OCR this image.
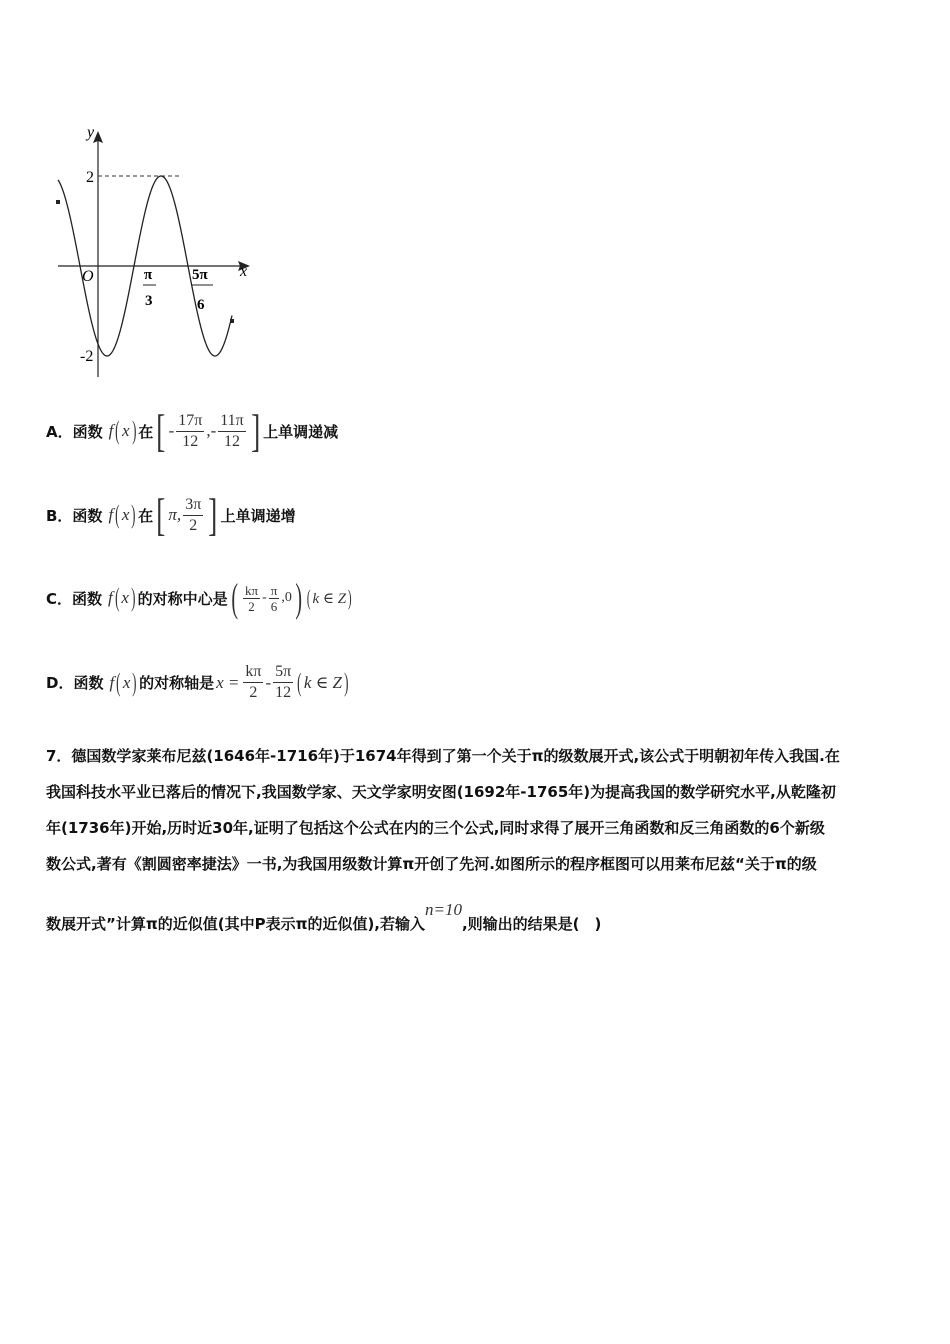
y
x
O
2
-2
π
3
5π
6
A．函数 f ( x ) 在 [ - $\frac{17\pi}{12}$ , - $\frac{11\pi}{12}$ ] 上单调递减
B．函数 f ( x ) 在 [ π, $\frac{3\pi}{2}$ ] 上单调递增
C．函数 f ( x ) 的对称中心是 ( $\frac{k\pi}{2} - \frac{\pi}{6} ,0$ ) ( k ∈ Z )
D．函数 f ( x ) 的对称轴是 $x = \frac{k\pi}{2} - \frac{5\pi}{12}$ ( k ∈ Z )

7．德国数学家莱布尼兹(1646年-1716年)于1674年得到了第一个关于π的级数展开式,该公式于明朝初年传入我国.在

我国科技水平业已落后的情况下,我国数学家、天文学家明安图(1692年-1765年)为提高我国的数学研究水平,从乾隆初

年(1736年)开始,历时近30年,证明了包括这个公式在内的三个公式,同时求得了展开三角函数和反三角函数的6个新级

数公式,著有《割圆密率捷法》一书,为我国用级数计算π开创了先河.如图所示的程序框图可以用莱布尼兹“关于π的级

数展开式”计算π的近似值(其中P表示π的近似值),若输入n=10,则输出的结果是(　)
